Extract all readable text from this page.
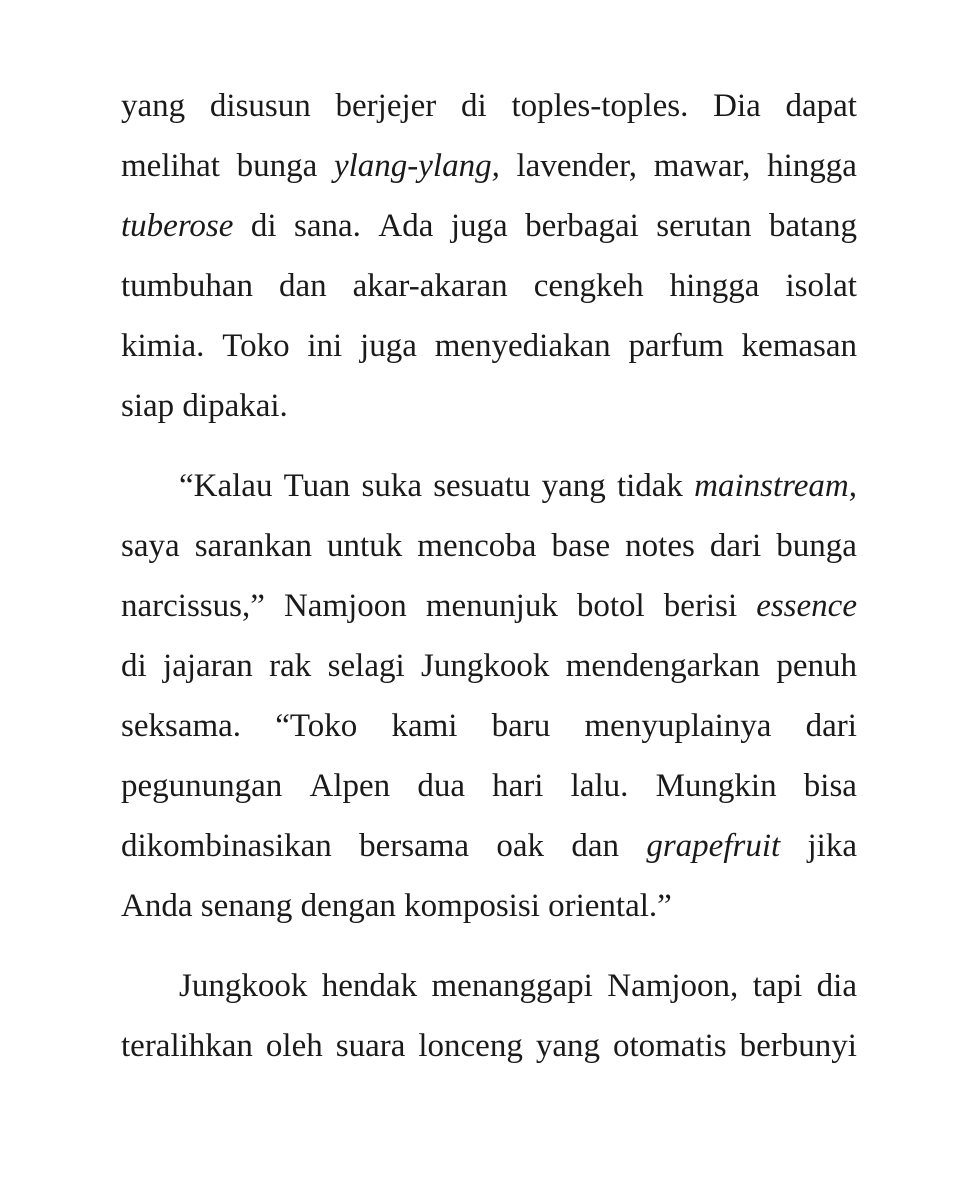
yang disusun berjejer di toples-toples. Dia dapat
melihat bunga ylang-ylang, lavender, mawar, hingga
tuberose di sana. Ada juga berbagai serutan batang
tumbuhan dan akar-akaran cengkeh hingga isolat
kimia. Toko ini juga menyediakan parfum kemasan
siap dipakai.
“Kalau Tuan suka sesuatu yang tidak mainstream,
saya sarankan untuk mencoba base notes dari bunga
narcissus,” Namjoon menunjuk botol berisi essence
di jajaran rak selagi Jungkook mendengarkan penuh
seksama. “Toko kami baru menyuplainya dari
pegunungan Alpen dua hari lalu. Mungkin bisa
dikombinasikan bersama oak dan grapefruit jika
Anda senang dengan komposisi oriental.”
Jungkook hendak menanggapi Namjoon, tapi dia
teralihkan oleh suara lonceng yang otomatis berbunyi
